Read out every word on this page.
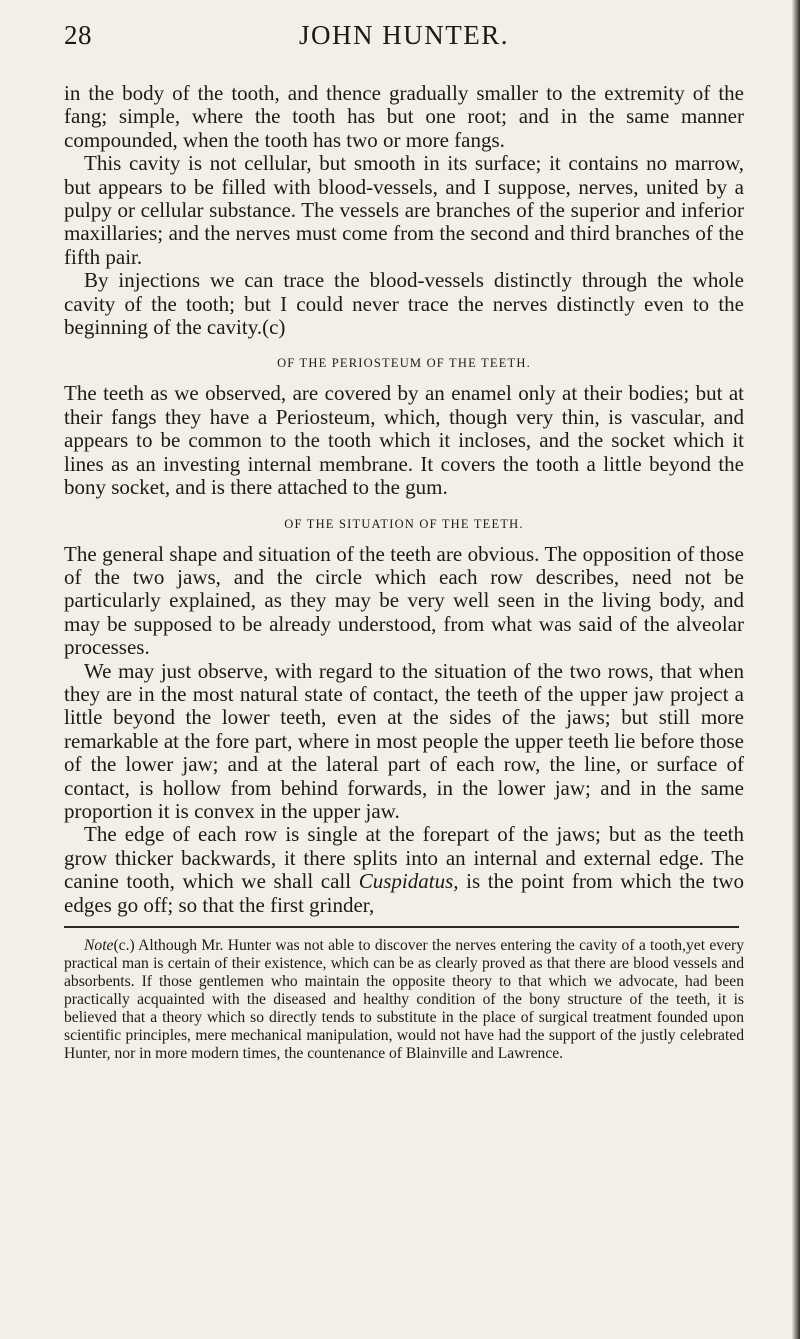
28	JOHN HUNTER.

in the body of the tooth, and thence gradually smaller to the extremity of the fang; simple, where the tooth has but one root; and in the same manner compounded, when the tooth has two or more fangs.

This cavity is not cellular, but smooth in its surface; it contains no marrow, but appears to be filled with blood-vessels, and I suppose, nerves, united by a pulpy or cellular substance. The vessels are branches of the superior and inferior maxillaries; and the nerves must come from the second and third branches of the fifth pair.

By injections we can trace the blood-vessels distinctly through the whole cavity of the tooth; but I could never trace the nerves distinctly even to the beginning of the cavity.(c)

OF THE PERIOSTEUM OF THE TEETH.

The teeth as we observed, are covered by an enamel only at their bodies; but at their fangs they have a Periosteum, which, though very thin, is vascular, and appears to be common to the tooth which it incloses, and the socket which it lines as an investing internal membrane. It covers the tooth a little beyond the bony socket, and is there attached to the gum.

OF THE SITUATION OF THE TEETH.

The general shape and situation of the teeth are obvious. The opposition of those of the two jaws, and the circle which each row describes, need not be particularly explained, as they may be very well seen in the living body, and may be supposed to be already understood, from what was said of the alveolar processes.

We may just observe, with regard to the situation of the two rows, that when they are in the most natural state of contact, the teeth of the upper jaw project a little beyond the lower teeth, even at the sides of the jaws; but still more remarkable at the fore part, where in most people the upper teeth lie before those of the lower jaw; and at the lateral part of each row, the line, or surface of contact, is hollow from behind forwards, in the lower jaw; and in the same proportion it is convex in the upper jaw.

The edge of each row is single at the forepart of the jaws; but as the teeth grow thicker backwards, it there splits into an internal and external edge. The canine tooth, which we shall call Cuspidatus, is the point from which the two edges go off; so that the first grinder,

Note(c.) Although Mr. Hunter was not able to discover the nerves entering the cavity of a tooth,yet every practical man is certain of their existence, which can be as clearly proved as that there are blood vessels and absorbents. If those gentlemen who maintain the opposite theory to that which we advocate, had been practically acquainted with the diseased and healthy condition of the bony structure of the teeth, it is believed that a theory which so directly tends to substitute in the place of surgical treatment founded upon scientific principles, mere mechanical manipulation, would not have had the support of the justly celebrated Hunter, nor in more modern times, the countenance of Blainville and Lawrence.
